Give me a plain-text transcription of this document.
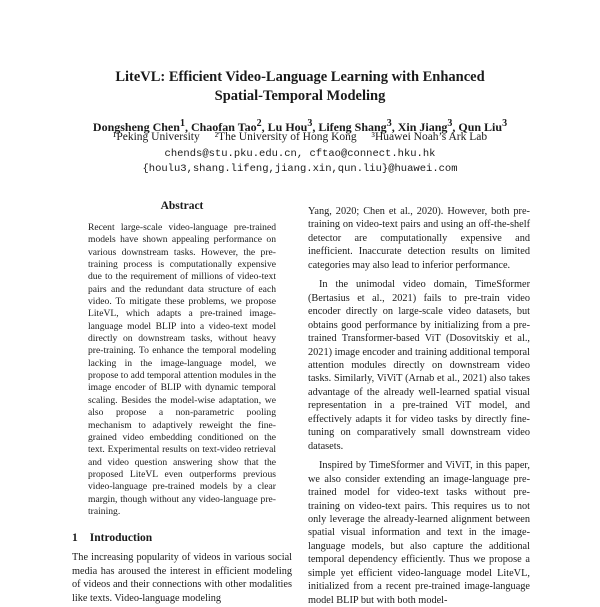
LiteVL: Efficient Video-Language Learning with Enhanced
Spatial-Temporal Modeling
Dongsheng Chen$^1$, Chaofan Tao$^2$, Lu Hou$^3$, Lifeng Shang$^3$, Xin Jiang$^3$, Qun Liu$^3$
¹Peking University ²The University of Hong Kong ³Huawei Noah’s Ark Lab
chends@stu.pku.edu.cn, cftao@connect.hku.hk
{houlu3,shang.lifeng,jiang.xin,qun.liu}@huawei.com
Abstract

Recent large-scale video-language pre-trained models have shown appealing performance on various downstream tasks. However, the pre-training process is computationally expensive due to the requirement of millions of video-text pairs and the redundant data structure of each video. To mitigate these problems, we propose LiteVL, which adapts a pre-trained image-language model BLIP into a video-text model directly on downstream tasks, without heavy pre-training. To enhance the temporal modeling lacking in the image-language model, we propose to add temporal attention modules in the image encoder of BLIP with dynamic temporal scaling. Besides the model-wise adaptation, we also propose a non-parametric pooling mechanism to adaptively reweight the fine-grained video embedding conditioned on the text. Experimental results on text-video retrieval and video question answering show that the proposed LiteVL even outperforms previous video-language pre-trained models by a clear margin, though without any video-language pre-training.

1 Introduction

The increasing popularity of videos in various social media has aroused the interest in efficient modeling of videos and their connections with other modalities like texts. Video-language modeling

Yang, 2020; Chen et al., 2020). However, both pre-training on video-text pairs and using an off-the-shelf detector are computationally expensive and inefficient. Inaccurate detection results on limited categories may also lead to inferior performance.

In the unimodal video domain, TimeSformer (Bertasius et al., 2021) fails to pre-train video encoder directly on large-scale video datasets, but obtains good performance by initializing from a pre-trained Transformer-based ViT (Dosovitskiy et al., 2021) image encoder and training additional temporal attention modules directly on downstream video tasks. Similarly, ViViT (Arnab et al., 2021) also takes advantage of the already well-learned spatial visual representation in a pre-trained ViT model, and effectively adapts it for video tasks by directly fine-tuning on comparatively small downstream video datasets.

Inspired by TimeSformer and ViViT, in this paper, we also consider extending an image-language pre-trained model for video-text tasks without pre-training on video-text pairs. This requires us to not only leverage the already-learned alignment between spatial visual information and text in the image-language models, but also capture the additional temporal dependency efficiently. Thus we propose a simple yet efficient video-language model LiteVL, initialized from a recent pre-trained image-language model BLIP but with both model-
